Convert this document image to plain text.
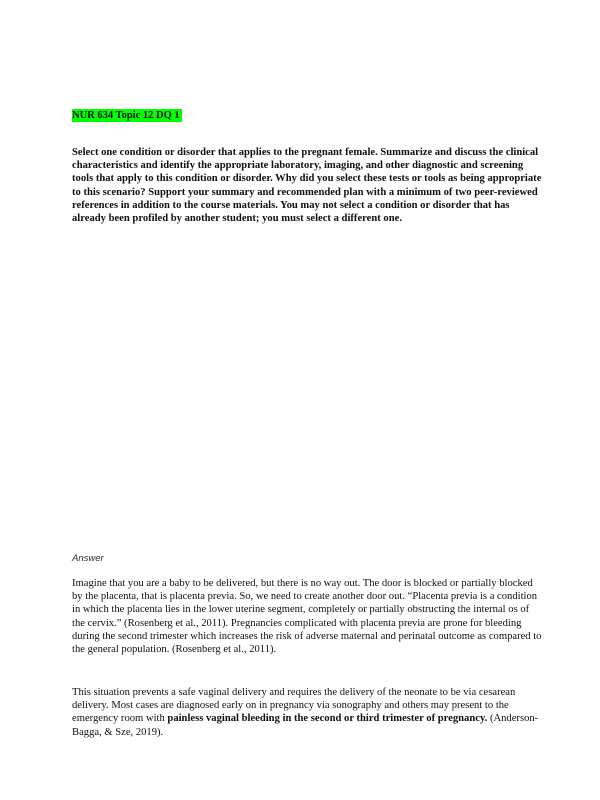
NUR 634 Topic 12 DQ 1

Select one condition or disorder that applies to the pregnant female. Summarize and discuss the clinical characteristics and identify the appropriate laboratory, imaging, and other diagnostic and screening tools that apply to this condition or disorder. Why did you select these tests or tools as being appropriate to this scenario? Support your summary and recommended plan with a minimum of two peer-reviewed references in addition to the course materials. You may not select a condition or disorder that has already been profiled by another student; you must select a different one.

Answer

Imagine that you are a baby to be delivered, but there is no way out. The door is blocked or partially blocked by the placenta, that is placenta previa. So, we need to create another door out. “Placenta previa is a condition in which the placenta lies in the lower uterine segment, completely or partially obstructing the internal os of the cervix.” (Rosenberg et al., 2011). Pregnancies complicated with placenta previa are prone for bleeding during the second trimester which increases the risk of adverse maternal and perinatal outcome as compared to the general population. (Rosenberg et al., 2011).

This situation prevents a safe vaginal delivery and requires the delivery of the neonate to be via cesarean delivery. Most cases are diagnosed early on in pregnancy via sonography and others may present to the emergency room with painless vaginal bleeding in the second or third trimester of pregnancy. (Anderson-Bagga, & Sze, 2019).
